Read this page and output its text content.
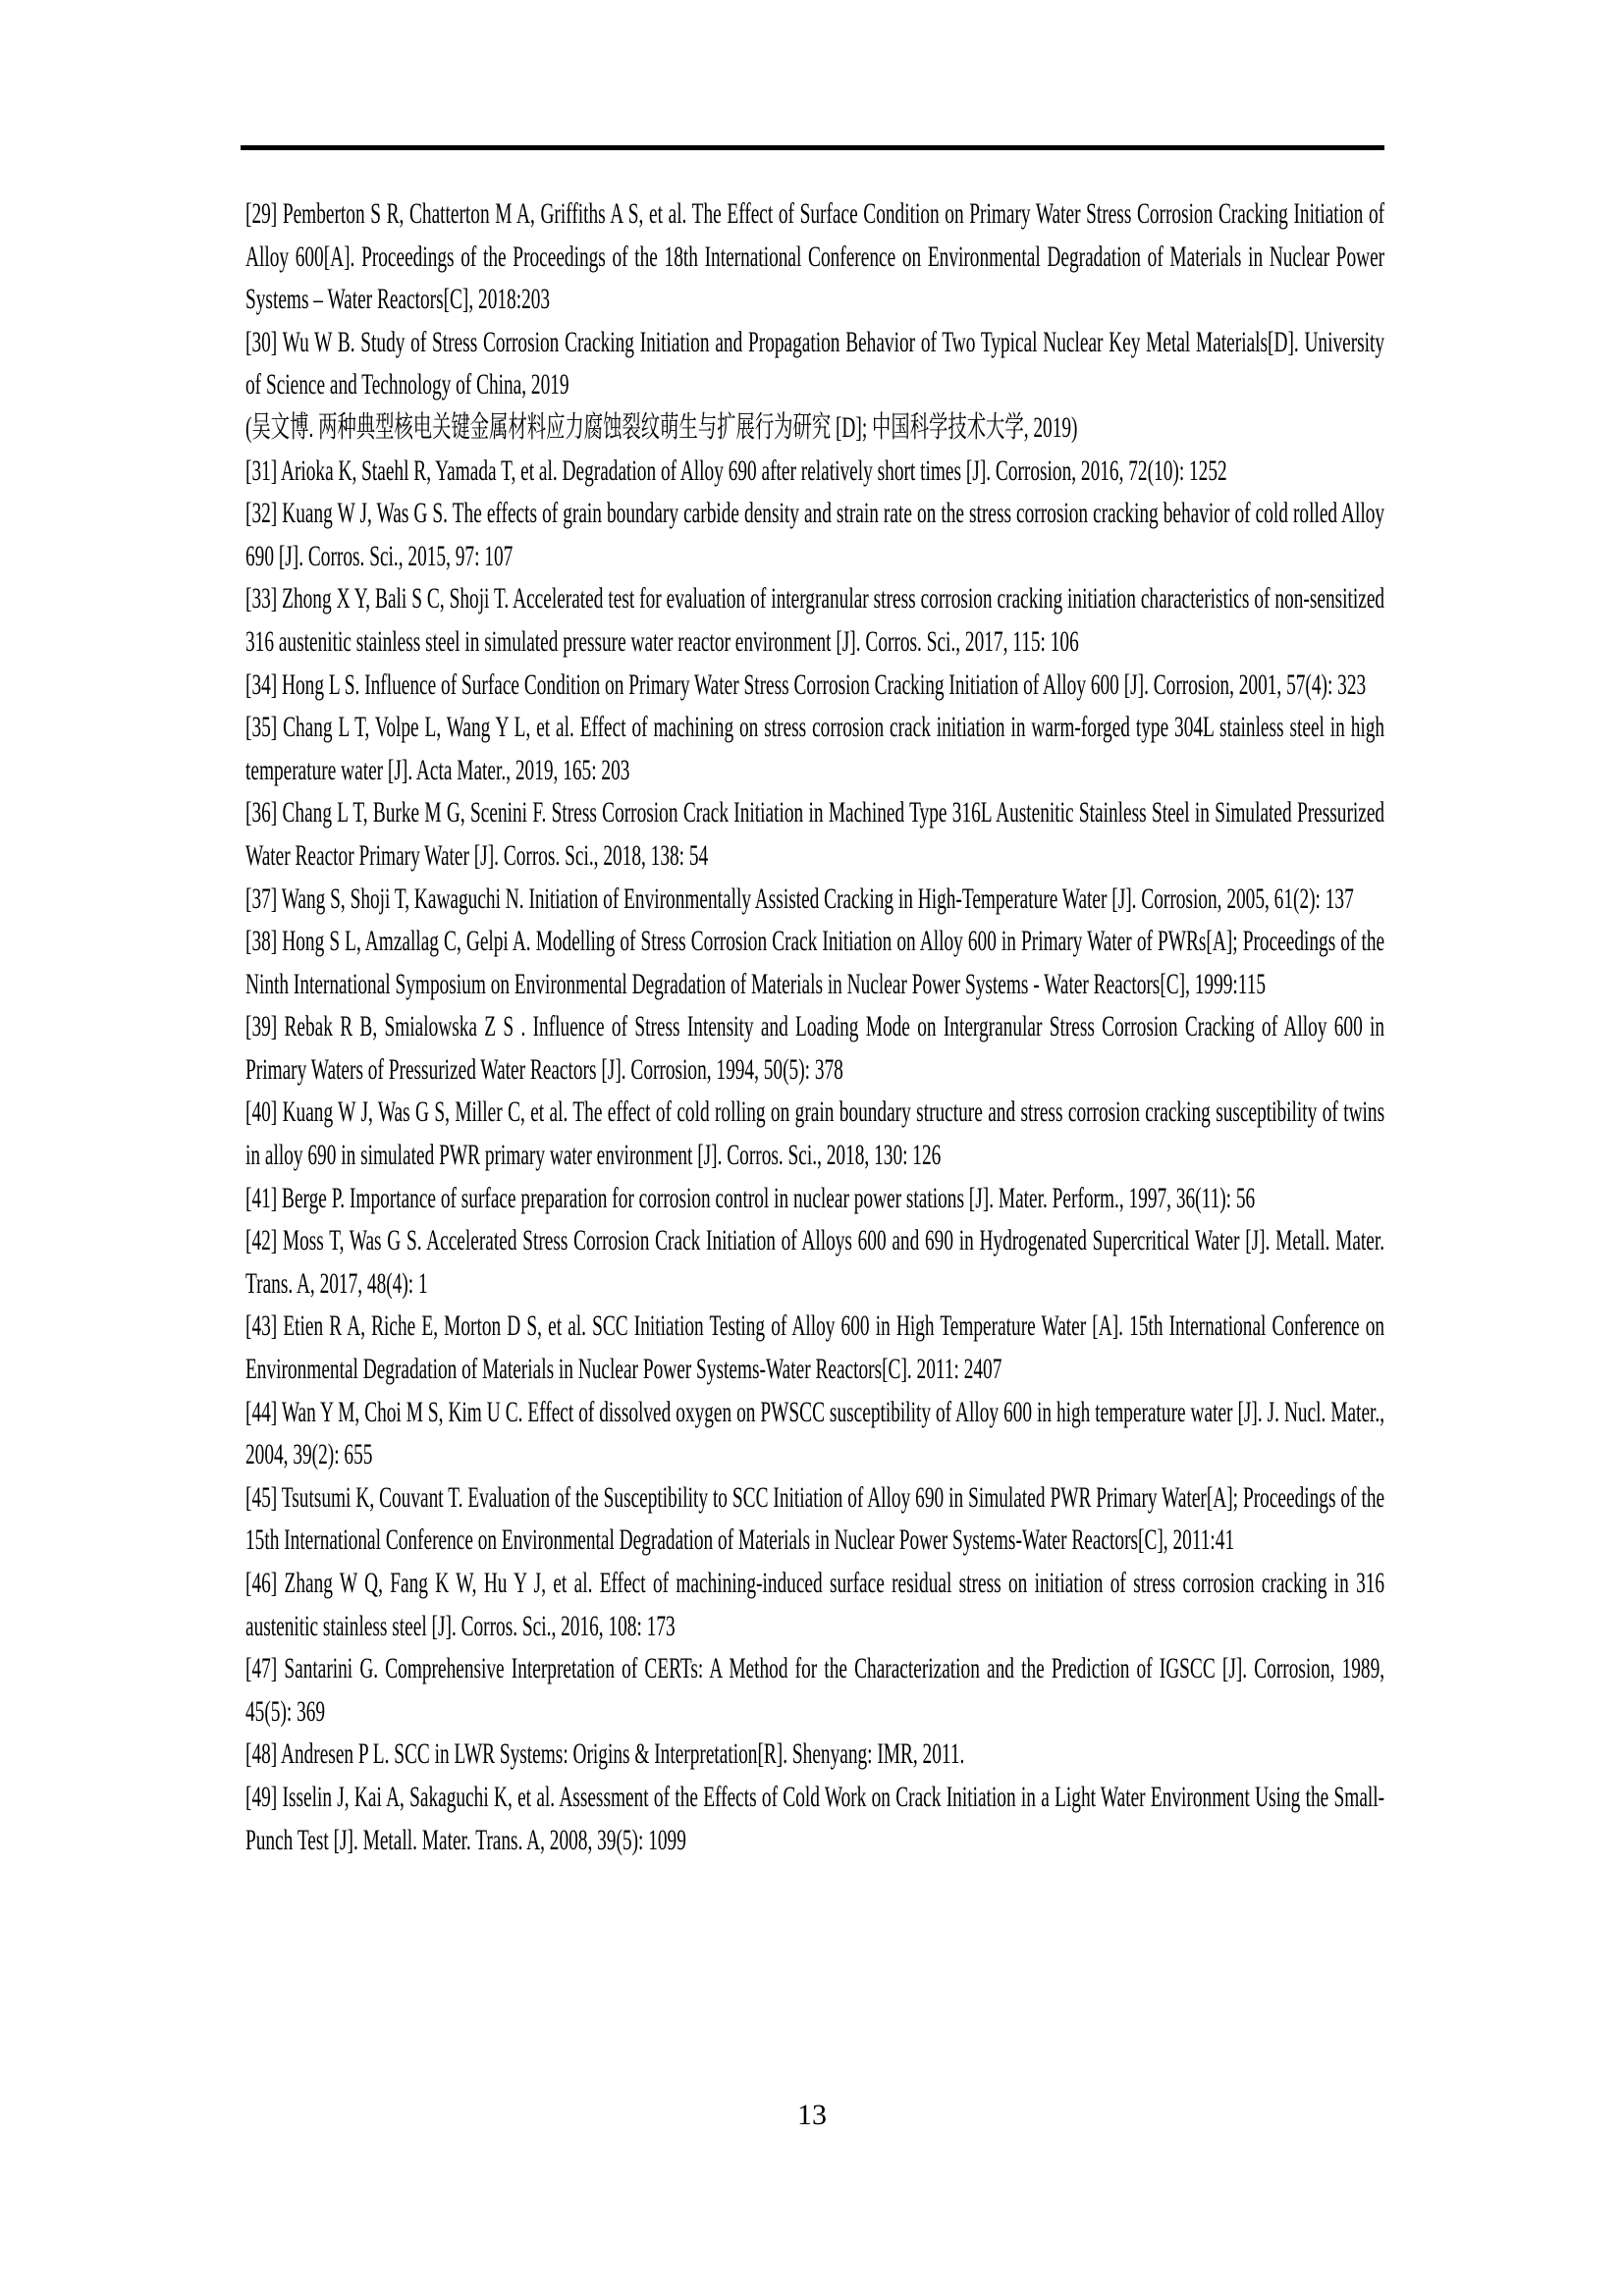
[29] Pemberton S R, Chatterton M A, Griffiths A S, et al. The Effect of Surface Condition on Primary Water Stress Corrosion Cracking Initiation of Alloy 600[A]. Proceedings of the Proceedings of the 18th International Conference on Environmental Degradation of Materials in Nuclear Power Systems – Water Reactors[C], 2018:203

[30] Wu W B. Study of Stress Corrosion Cracking Initiation and Propagation Behavior of Two Typical Nuclear Key Metal Materials[D]. University of Science and Technology of China, 2019

(吴文博. 两种典型核电关键金属材料应力腐蚀裂纹萌生与扩展行为研究 [D]; 中国科学技术大学, 2019)

[31] Arioka K, Staehl R, Yamada T, et al. Degradation of Alloy 690 after relatively short times [J]. Corrosion, 2016, 72(10): 1252

[32] Kuang W J, Was G S. The effects of grain boundary carbide density and strain rate on the stress corrosion cracking behavior of cold rolled Alloy 690 [J]. Corros. Sci., 2015, 97: 107

[33] Zhong X Y, Bali S C, Shoji T. Accelerated test for evaluation of intergranular stress corrosion cracking initiation characteristics of non-sensitized 316 austenitic stainless steel in simulated pressure water reactor environment [J]. Corros. Sci., 2017, 115: 106

[34] Hong L S. Influence of Surface Condition on Primary Water Stress Corrosion Cracking Initiation of Alloy 600 [J]. Corrosion, 2001, 57(4): 323

[35] Chang L T, Volpe L, Wang Y L, et al. Effect of machining on stress corrosion crack initiation in warm-forged type 304L stainless steel in high temperature water [J]. Acta Mater., 2019, 165: 203

[36] Chang L T, Burke M G, Scenini F. Stress Corrosion Crack Initiation in Machined Type 316L Austenitic Stainless Steel in Simulated Pressurized Water Reactor Primary Water [J]. Corros. Sci., 2018, 138: 54

[37] Wang S, Shoji T, Kawaguchi N. Initiation of Environmentally Assisted Cracking in High-Temperature Water [J]. Corrosion, 2005, 61(2): 137

[38] Hong S L, Amzallag C, Gelpi A. Modelling of Stress Corrosion Crack Initiation on Alloy 600 in Primary Water of PWRs[A]; Proceedings of the Ninth International Symposium on Environmental Degradation of Materials in Nuclear Power Systems - Water Reactors[C], 1999:115

[39] Rebak R B, Smialowska Z S . Influence of Stress Intensity and Loading Mode on Intergranular Stress Corrosion Cracking of Alloy 600 in Primary Waters of Pressurized Water Reactors [J]. Corrosion, 1994, 50(5): 378

[40] Kuang W J, Was G S, Miller C, et al. The effect of cold rolling on grain boundary structure and stress corrosion cracking susceptibility of twins in alloy 690 in simulated PWR primary water environment [J]. Corros. Sci., 2018, 130: 126

[41] Berge P. Importance of surface preparation for corrosion control in nuclear power stations [J]. Mater. Perform., 1997, 36(11): 56

[42] Moss T, Was G S. Accelerated Stress Corrosion Crack Initiation of Alloys 600 and 690 in Hydrogenated Supercritical Water [J]. Metall. Mater. Trans. A, 2017, 48(4): 1

[43] Etien R A, Riche E, Morton D S, et al. SCC Initiation Testing of Alloy 600 in High Temperature Water [A]. 15th International Conference on Environmental Degradation of Materials in Nuclear Power Systems-Water Reactors[C]. 2011: 2407

[44] Wan Y M, Choi M S, Kim U C. Effect of dissolved oxygen on PWSCC susceptibility of Alloy 600 in high temperature water [J]. J. Nucl. Mater., 2004, 39(2): 655

[45] Tsutsumi K, Couvant T. Evaluation of the Susceptibility to SCC Initiation of Alloy 690 in Simulated PWR Primary Water[A]; Proceedings of the 15th International Conference on Environmental Degradation of Materials in Nuclear Power Systems-Water Reactors[C], 2011:41

[46] Zhang W Q, Fang K W, Hu Y J, et al. Effect of machining-induced surface residual stress on initiation of stress corrosion cracking in 316 austenitic stainless steel [J]. Corros. Sci., 2016, 108: 173

[47] Santarini G. Comprehensive Interpretation of CERTs: A Method for the Characterization and the Prediction of IGSCC [J]. Corrosion, 1989, 45(5): 369

[48] Andresen P L. SCC in LWR Systems: Origins & Interpretation[R]. Shenyang: IMR, 2011.

[49] Isselin J, Kai A, Sakaguchi K, et al. Assessment of the Effects of Cold Work on Crack Initiation in a Light Water Environment Using the Small-Punch Test [J]. Metall. Mater. Trans. A, 2008, 39(5): 1099

13
